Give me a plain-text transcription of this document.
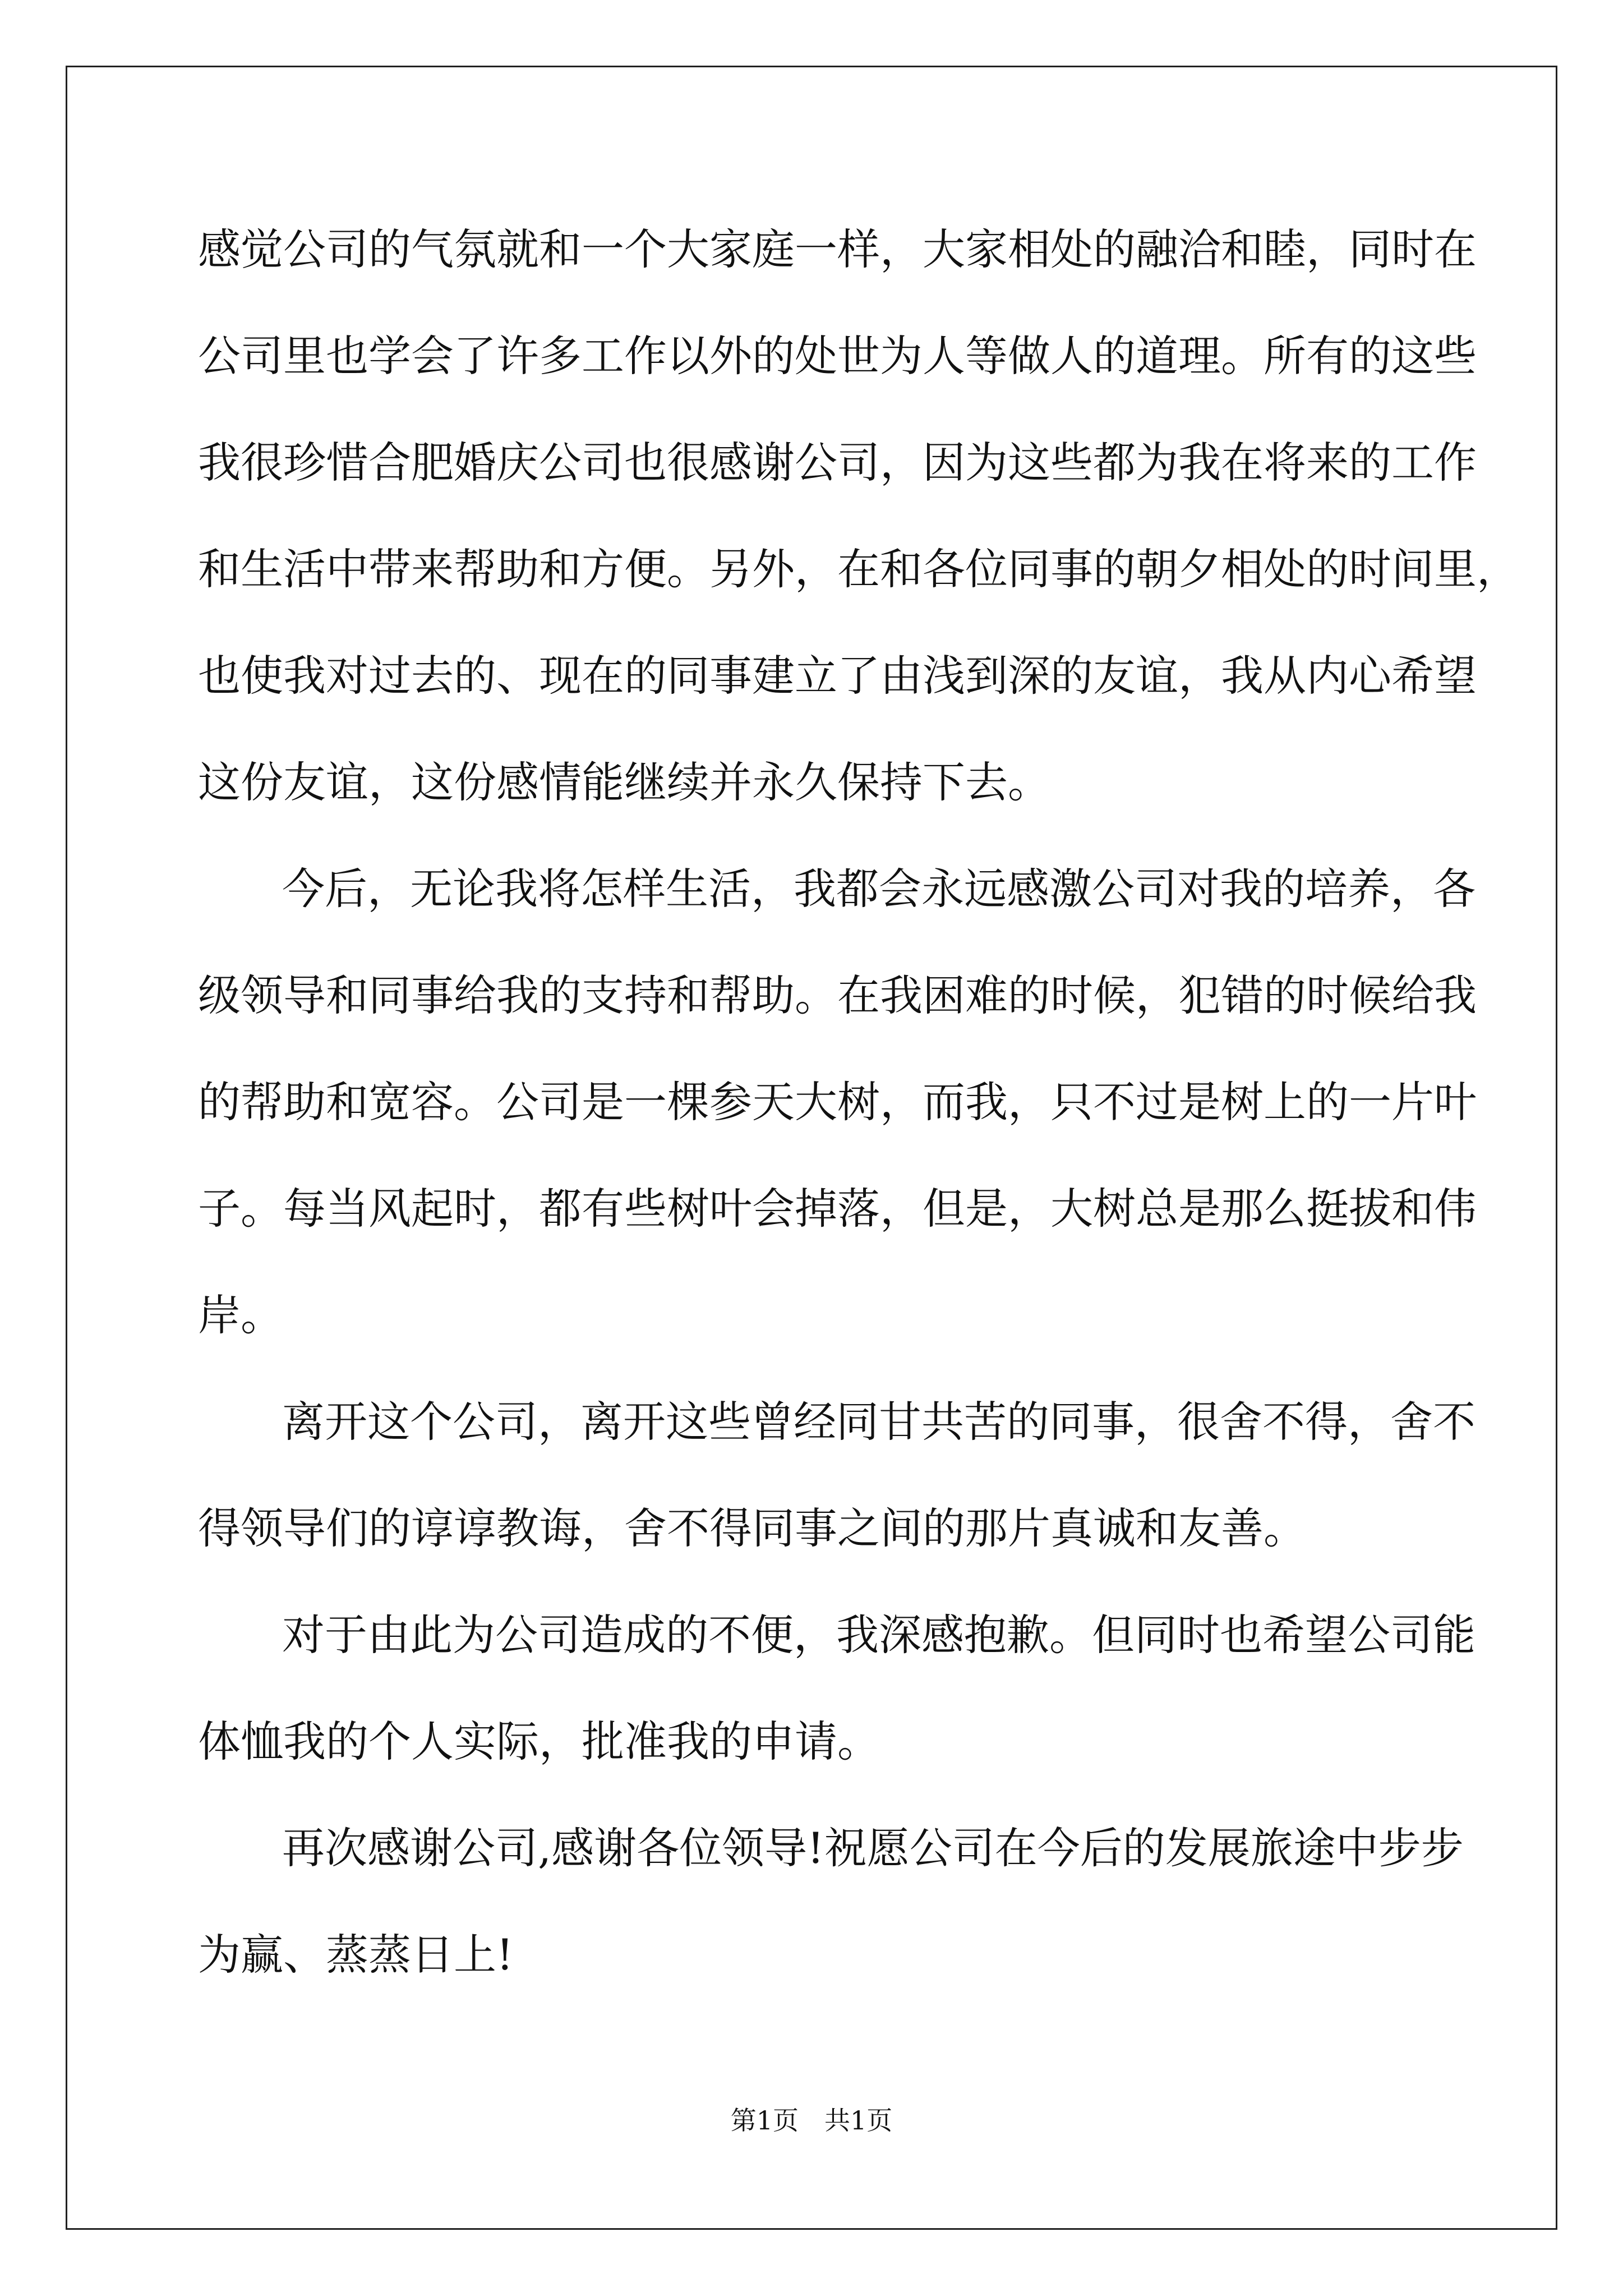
感觉公司的气氛就和一个大家庭一样，大家相处的融洽和睦，同时在
公司里也学会了许多工作以外的处世为人等做人的道理。所有的这些
我很珍惜合肥婚庆公司也很感谢公司，因为这些都为我在将来的工作
和生活中带来帮助和方便。另外，在和各位同事的朝夕相处的时间里，
也使我对过去的、现在的同事建立了由浅到深的友谊，我从内心希望
这份友谊，这份感情能继续并永久保持下去。
今后，无论我将怎样生活，我都会永远感激公司对我的培养，各
级领导和同事给我的支持和帮助。在我困难的时候，犯错的时候给我
的帮助和宽容。公司是一棵参天大树，而我，只不过是树上的一片叶
子。每当风起时，都有些树叶会掉落，但是，大树总是那么挺拔和伟
岸。
离开这个公司，离开这些曾经同甘共苦的同事，很舍不得，舍不
得领导们的谆谆教诲，舍不得同事之间的那片真诚和友善。
对于由此为公司造成的不便，我深感抱歉。但同时也希望公司能
体恤我的个人实际，批准我的申请。
再次感谢公司,感谢各位领导!祝愿公司在今后的发展旅途中步步
为赢、蒸蒸日上!
第1页　共1页
